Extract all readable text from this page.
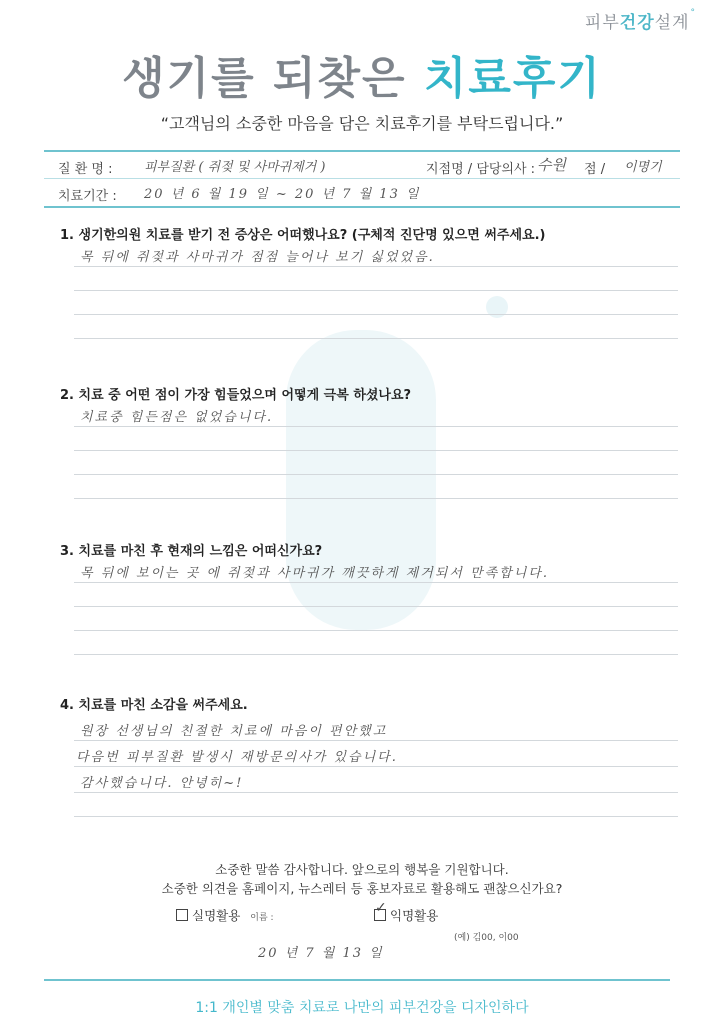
피부건강설계°
생기를 되찾은 치료후기
“고객님의 소중한 마음을 담은 치료후기를 부탁드립니다.”
질 환 명 : 피부질환 ( 쥐젖 및 사마귀제거 )	지점명 / 담당의사 : 수원 점 / 이명기
치료기간 : 20 년 6 월 19 일 ~ 20 년 7 월 13 일
1. 생기한의원 치료를 받기 전 증상은 어떠했나요? (구체적 진단명 있으면 써주세요.)
목 뒤에 쥐젖과 사마귀가 점점 늘어나 보기 싫었었음.
2. 치료 중 어떤 점이 가장 힘들었으며 어떻게 극복 하셨나요?
치료중 힘든점은 없었습니다.
3. 치료를 마친 후 현재의 느낌은 어떠신가요?
목 뒤에 보이는 곳 에 쥐젖과 사마귀가 깨끗하게 제거되서 만족합니다.
4. 치료를 마친 소감을 써주세요.
원장 선생님의 친절한 치료에 마음이 편안했고
다음번 피부질환 발생시 재방문의사가 있습니다.
감사했습니다. 안녕히~!
소중한 말씀 감사합니다. 앞으로의 행복을 기원합니다.
소중한 의견을 홈페이지, 뉴스레터 등 홍보자료로 활용해도 괜찮으신가요?
실명활용 이름 :
✓ 익명활용
(예) 김00, 이00
20 년 7 월 13 일
1:1 개인별 맞춤 치료로 나만의 피부건강을 디자인하다
